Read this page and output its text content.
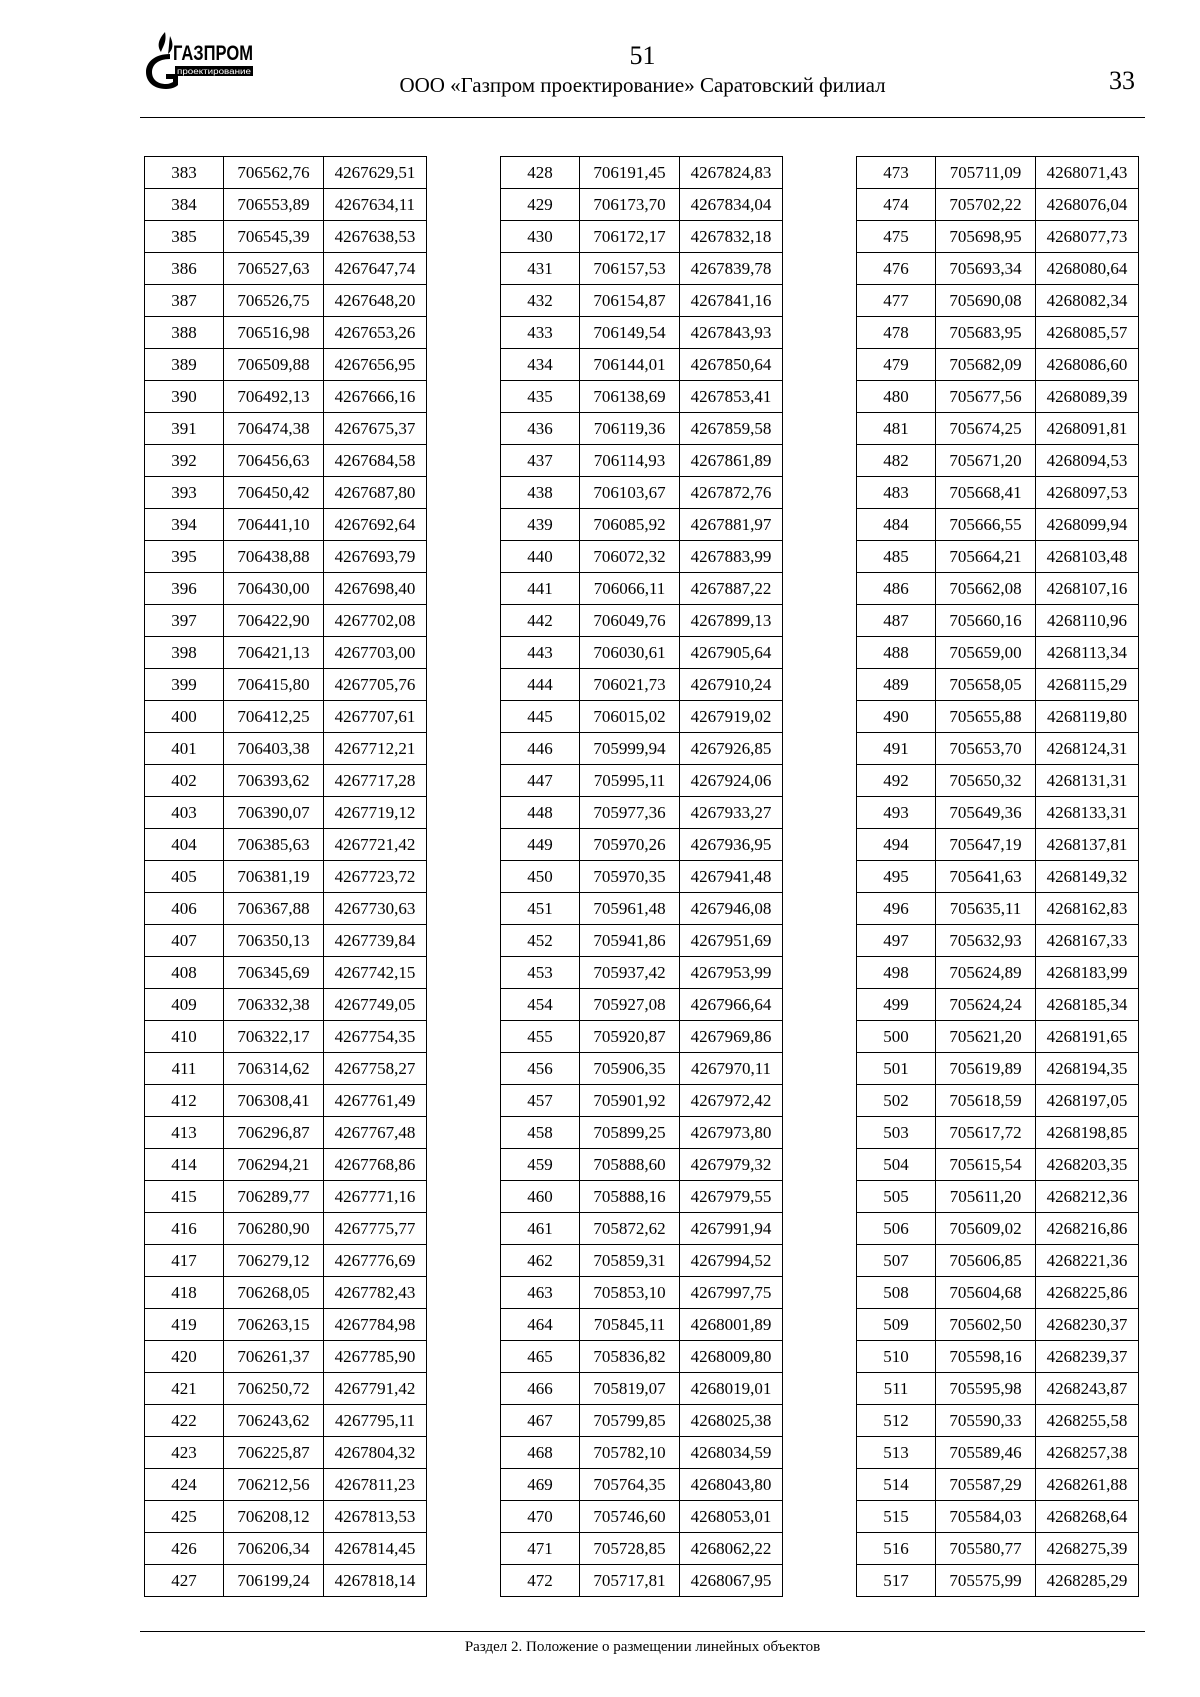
ГАЗПРОМ
проектирование
51
ООО «Газпром проектирование» Саратовский филиал	33
383	706562,76	4267629,51
384	706553,89	4267634,11
385	706545,39	4267638,53
386	706527,63	4267647,74
387	706526,75	4267648,20
388	706516,98	4267653,26
389	706509,88	4267656,95
390	706492,13	4267666,16
391	706474,38	4267675,37
392	706456,63	4267684,58
393	706450,42	4267687,80
394	706441,10	4267692,64
395	706438,88	4267693,79
396	706430,00	4267698,40
397	706422,90	4267702,08
398	706421,13	4267703,00
399	706415,80	4267705,76
400	706412,25	4267707,61
401	706403,38	4267712,21
402	706393,62	4267717,28
403	706390,07	4267719,12
404	706385,63	4267721,42
405	706381,19	4267723,72
406	706367,88	4267730,63
407	706350,13	4267739,84
408	706345,69	4267742,15
409	706332,38	4267749,05
410	706322,17	4267754,35
411	706314,62	4267758,27
412	706308,41	4267761,49
413	706296,87	4267767,48
414	706294,21	4267768,86
415	706289,77	4267771,16
416	706280,90	4267775,77
417	706279,12	4267776,69
418	706268,05	4267782,43
419	706263,15	4267784,98
420	706261,37	4267785,90
421	706250,72	4267791,42
422	706243,62	4267795,11
423	706225,87	4267804,32
424	706212,56	4267811,23
425	706208,12	4267813,53
426	706206,34	4267814,45
427	706199,24	4267818,14
428	706191,45	4267824,83
429	706173,70	4267834,04
430	706172,17	4267832,18
431	706157,53	4267839,78
432	706154,87	4267841,16
433	706149,54	4267843,93
434	706144,01	4267850,64
435	706138,69	4267853,41
436	706119,36	4267859,58
437	706114,93	4267861,89
438	706103,67	4267872,76
439	706085,92	4267881,97
440	706072,32	4267883,99
441	706066,11	4267887,22
442	706049,76	4267899,13
443	706030,61	4267905,64
444	706021,73	4267910,24
445	706015,02	4267919,02
446	705999,94	4267926,85
447	705995,11	4267924,06
448	705977,36	4267933,27
449	705970,26	4267936,95
450	705970,35	4267941,48
451	705961,48	4267946,08
452	705941,86	4267951,69
453	705937,42	4267953,99
454	705927,08	4267966,64
455	705920,87	4267969,86
456	705906,35	4267970,11
457	705901,92	4267972,42
458	705899,25	4267973,80
459	705888,60	4267979,32
460	705888,16	4267979,55
461	705872,62	4267991,94
462	705859,31	4267994,52
463	705853,10	4267997,75
464	705845,11	4268001,89
465	705836,82	4268009,80
466	705819,07	4268019,01
467	705799,85	4268025,38
468	705782,10	4268034,59
469	705764,35	4268043,80
470	705746,60	4268053,01
471	705728,85	4268062,22
472	705717,81	4268067,95
473	705711,09	4268071,43
474	705702,22	4268076,04
475	705698,95	4268077,73
476	705693,34	4268080,64
477	705690,08	4268082,34
478	705683,95	4268085,57
479	705682,09	4268086,60
480	705677,56	4268089,39
481	705674,25	4268091,81
482	705671,20	4268094,53
483	705668,41	4268097,53
484	705666,55	4268099,94
485	705664,21	4268103,48
486	705662,08	4268107,16
487	705660,16	4268110,96
488	705659,00	4268113,34
489	705658,05	4268115,29
490	705655,88	4268119,80
491	705653,70	4268124,31
492	705650,32	4268131,31
493	705649,36	4268133,31
494	705647,19	4268137,81
495	705641,63	4268149,32
496	705635,11	4268162,83
497	705632,93	4268167,33
498	705624,89	4268183,99
499	705624,24	4268185,34
500	705621,20	4268191,65
501	705619,89	4268194,35
502	705618,59	4268197,05
503	705617,72	4268198,85
504	705615,54	4268203,35
505	705611,20	4268212,36
506	705609,02	4268216,86
507	705606,85	4268221,36
508	705604,68	4268225,86
509	705602,50	4268230,37
510	705598,16	4268239,37
511	705595,98	4268243,87
512	705590,33	4268255,58
513	705589,46	4268257,38
514	705587,29	4268261,88
515	705584,03	4268268,64
516	705580,77	4268275,39
517	705575,99	4268285,29
Раздел 2. Положение о размещении линейных объектов
